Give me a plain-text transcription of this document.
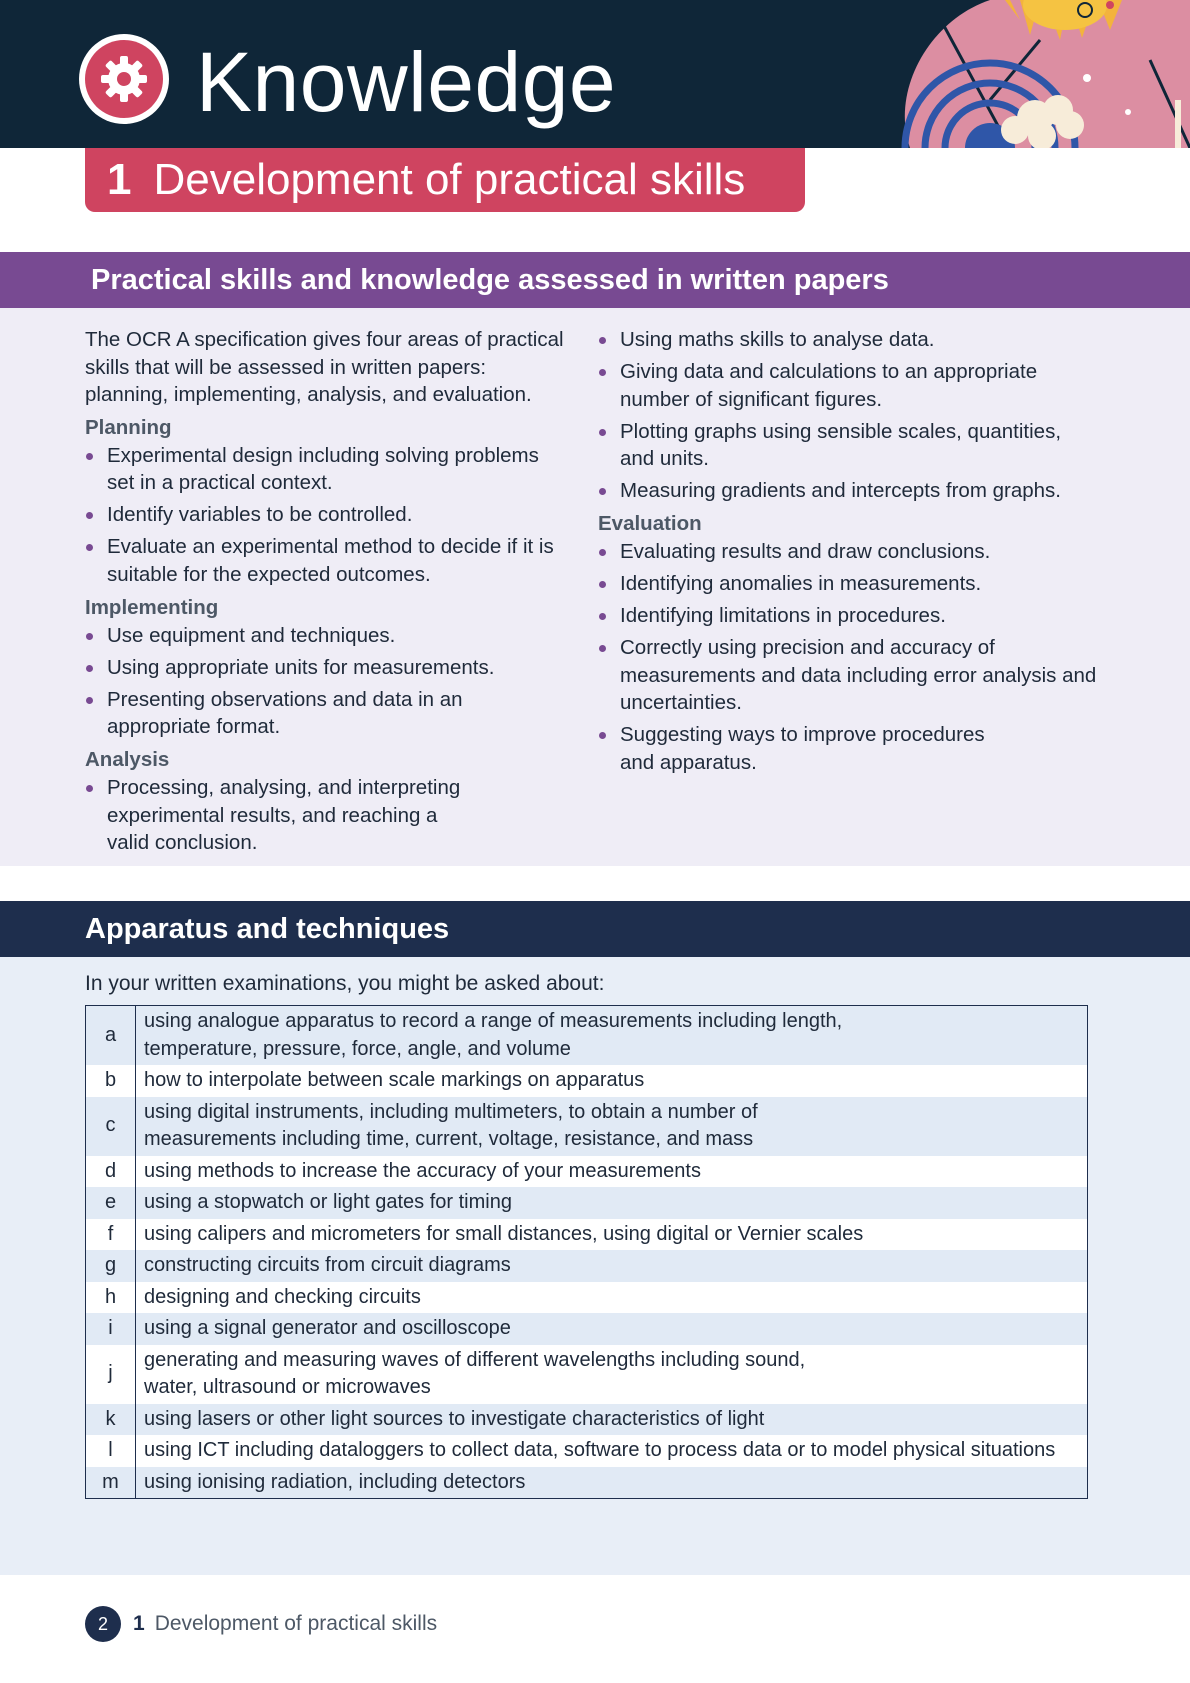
Knowledge
1 Development of practical skills
Practical skills and knowledge assessed in written papers

The OCR A specification gives four areas of practical skills that will be assessed in written papers: planning, implementing, analysis, and evaluation.

Planning
Experimental design including solving problems set in a practical context.
Identify variables to be controlled.
Evaluate an experimental method to decide if it is suitable for the expected outcomes.
Implementing
Use equipment and techniques.
Using appropriate units for measurements.
Presenting observations and data in an appropriate format.
Analysis
Processing, analysing, and interpreting experimental results, and reaching a valid conclusion.
Using maths skills to analyse data.
Giving data and calculations to an appropriate number of significant figures.
Plotting graphs using sensible scales, quantities, and units.
Measuring gradients and intercepts from graphs.
Evaluation
Evaluating results and draw conclusions.
Identifying anomalies in measurements.
Identifying limitations in procedures.
Correctly using precision and accuracy of measurements and data including error analysis and uncertainties.
Suggesting ways to improve procedures and apparatus.
Apparatus and techniques
In your written examinations, you might be asked about:
a	using analogue apparatus to record a range of measurements including length, temperature, pressure, force, angle, and volume
b	how to interpolate between scale markings on apparatus
c	using digital instruments, including multimeters, to obtain a number of measurements including time, current, voltage, resistance, and mass
d	using methods to increase the accuracy of your measurements
e	using a stopwatch or light gates for timing
f	using calipers and micrometers for small distances, using digital or Vernier scales
g	constructing circuits from circuit diagrams
h	designing and checking circuits
i	using a signal generator and oscilloscope
j	generating and measuring waves of different wavelengths including sound, water, ultrasound or microwaves
k	using lasers or other light sources to investigate characteristics of light
l	using ICT including dataloggers to collect data, software to process data or to model physical situations
m	using ionising radiation, including detectors
2	1 Development of practical skills
